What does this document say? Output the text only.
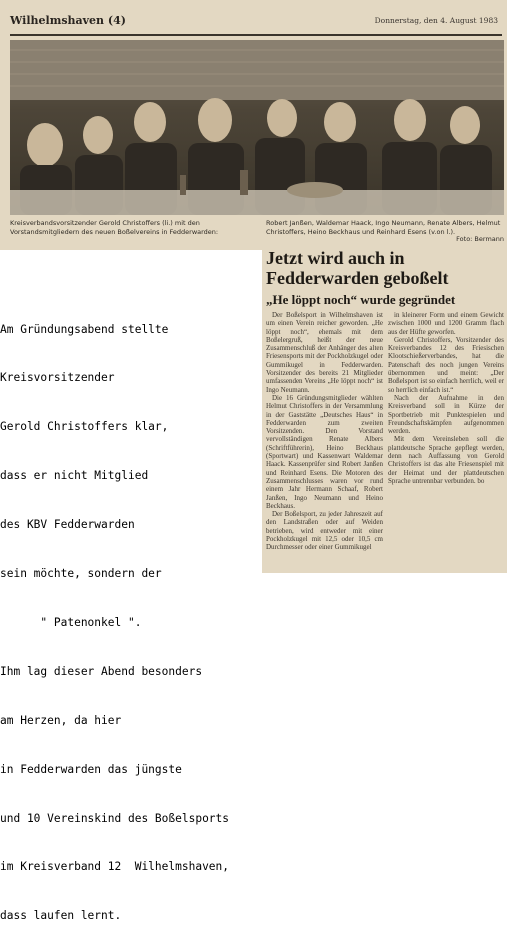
Wilhelmshaven (4)	Donnerstag, den 4. August 1983
Kreisverbandsvorsitzender Gerold Christoffers (li.) mit den Vorstandsmitgliedern des neuen Boßelvereins in Fedderwarden:
Robert Janßen, Waldemar Haack, Ingo Neumann, Renate Albers, Helmut Christoffers, Heino Beckhaus und Reinhard Esens (v.on l.).
Foto: Bermann
Jetzt wird auch in
Fedderwarden geboßelt
„He löppt noch“ wurde gegründet

Der Boßelsport in Wilhelmshaven ist um einen Verein reicher geworden. „He löppt noch“, ehemals mit dem Boßelergruß, heißt der neue Zusammenschluß der Anhänger des alten Friesensports mit der Pockholzkugel oder Gummikugel in Fedderwarden. Vorsitzender des bereits 21 Mitglieder umfassenden Vereins „He löppt noch“ ist Ingo Neumann.

Die 16 Gründungsmitglieder wählten Helmut Christoffers in der Versammlung in der Gaststätte „Deutsches Haus“ in Fedderwarden zum zweiten Vorsitzenden. Den Vorstand vervollständigen Renate Albers (Schriftführerin), Heino Beckhaus (Sportwart) und Kassenwart Waldemar Haack. Kassenprüfer sind Robert Janßen und Reinhard Esens. Die Motoren des Zusammenschlusses waren vor rund einem Jahr Hermann Schaaf, Robert Janßen, Ingo Neumann und Heino Beckhaus.

Der Boßelsport, zu jeder Jahreszeit auf den Landstraßen oder auf Weiden betrieben, wird entweder mit einer Pockholzkugel mit 12,5 oder 10,5 cm Durchmesser oder einer Gummikugel

in kleinerer Form und einem Gewicht zwischen 1000 und 1200 Gramm flach aus der Hüfte geworfen.

Gerold Christoffers, Vorsitzender des Kreisverbandes 12 des Friesischen Klootschießerverbandes, hat die Patenschaft des noch jungen Vereins übernommen und meint: „Der Boßelsport ist so einfach herrlich, weil er so herrlich einfach ist.“

Nach der Aufnahme in den Kreisverband soll in Kürze der Sportbetrieb mit Punktespielen und Freundschaftskämpfen aufgenommen werden.

Mit dem Vereinsleben soll die plattdeutsche Sprache gepflegt werden, denn nach Auffassung von Gerold Christoffers ist das alte Friesenspiel mit der Heimat und der plattdeutschen Sprache untrennbar verbunden. bo

Am Gründungsabend stellte

Kreisvorsitzender

Gerold Christoffers klar,

dass er nicht Mitglied

des KBV Fedderwarden

sein möchte, sondern der

" Patenonkel ".

Ihm lag dieser Abend besonders

am Herzen, da hier

in Fedderwarden das jüngste

und 10 Vereinskind des Boßelsports

im Kreisverband 12  Wilhelmshaven,

dass laufen lernt.
